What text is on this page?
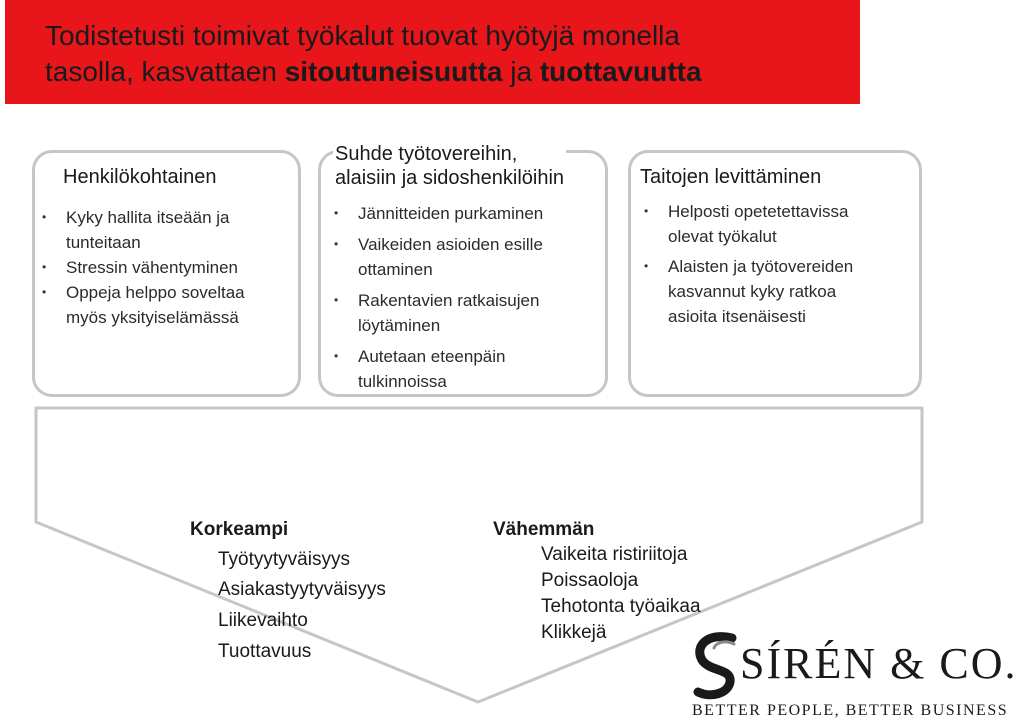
Todistetusti toimivat työkalut tuovat hyötyjä monella
tasolla, kasvattaen sitoutuneisuutta ja tuottavuutta
Henkilökohtainen
• Kyky hallita itseään ja
tunteitaan
• Stressin vähentyminen
• Oppeja helppo soveltaa
myös yksityiselämässä
Suhde työtovereihin,
alaisiin ja sidoshenkilöihin
• Jännitteiden purkaminen
• Vaikeiden asioiden esille
ottaminen
• Rakentavien ratkaisujen
löytäminen
• Autetaan eteenpäin
tulkinnoissa
Taitojen levittäminen
• Helposti opetetettavissa
olevat työkalut
• Alaisten ja työtovereiden
kasvannut kyky ratkoa
asioita itsenäisesti
Korkeampi
Työtyytyväisyys
Asiakastyytyväisyys
Liikevaihto
Tuottavuus
Vähemmän
Vaikeita ristiriitoja
Poissaoloja
Tehotonta työaikaa
Klikkejä
SÍRÉN & CO.
BETTER PEOPLE, BETTER BUSINESS
